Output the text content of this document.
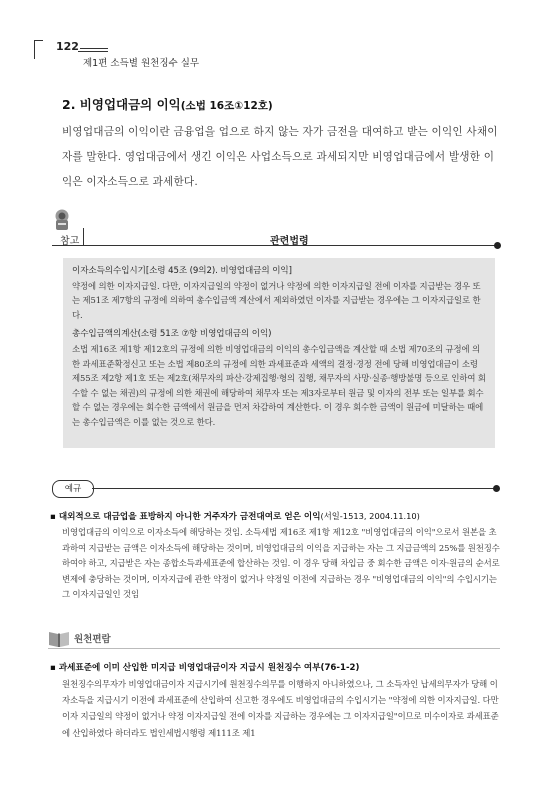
122
제1편 소득별 원천징수 실무
2. 비영업대금의 이익(소법 16조①12호)
비영업대금의 이익이란 금융업을 업으로 하지 않는 자가 금전을 대여하고 받는 이익인 사채이자를 말한다. 영업대금에서 생긴 이익은 사업소득으로 과세되지만 비영업대금에서 발생한 이익은 이자소득으로 과세한다.
참고	관련법령
이자소득의수입시기[소령 45조 (9의2). 비영업대금의 이익]
약정에 의한 이자지급일. 다만, 이자지급일의 약정이 없거나 약정에 의한 이자지급일 전에 이자를 지급받는 경우 또는 제51조 제7항의 규정에 의하여 총수입금액 계산에서 제외하였던 이자를 지급받는 경우에는 그 이자지급일로 한다.
총수입금액의계산(소령 51조 ⑦항 비영업대금의 이익)
소법 제16조 제1항 제12호의 규정에 의한 비영업대금의 이익의 총수입금액을 계산할 때 소법 제70조의 규정에 의한 과세표준확정신고 또는 소법 제80조의 규정에 의한 과세표준과 세액의 결정·경정 전에 당해 비영업대금이 소령 제55조 제2항 제1호 또는 제2호(채무자의 파산·강제집행·형의 집행, 채무자의 사망·실종·행방불명 등으로 인하여 회수할 수 없는 채권)의 규정에 의한 채권에 해당하여 채무자 또는 제3자로부터 원금 및 이자의 전부 또는 일부를 회수할 수 없는 경우에는 회수한 금액에서 원금을 먼저 차감하여 계산한다. 이 경우 회수한 금액이 원금에 미달하는 때에는 총수입금액은 이를 없는 것으로 한다.
예규
▪ 대외적으로 대금업을 표방하지 아니한 거주자가 금전대여로 얻은 이익(서일-1513, 2004.11.10)
비영업대금의 이익으로 이자소득에 해당하는 것임. 소득세법 제16조 제1항 제12호 "비영업대금의 이익"으로서 원본을 초과하여 지급받는 금액은 이자소득에 해당하는 것이며, 비영업대금의 이익을 지급하는 자는 그 지급금액의 25%를 원천징수하여야 하고, 지급받은 자는 종합소득과세표준에 합산하는 것임. 이 경우 당해 차입금 중 회수한 금액은 이자·원금의 순서로 변제에 충당하는 것이며, 이자지급에 관한 약정이 없거나 약정일 이전에 지급하는 경우 "비영업대금의 이익"의 수입시기는 그 이자지급일인 것임
원천편람
▪ 과세표준에 이미 산입한 미지급 비영업대금이자 지급시 원천징수 여부(76-1-2)
원천징수의무자가 비영업대금이자 지급시기에 원천징수의무를 이행하지 아니하였으나, 그 소득자인 납세의무자가 당해 이자소득을 지급시기 이전에 과세표준에 산입하여 신고한 경우에도 비영업대금의 수입시기는 "약정에 의한 이자지급일. 다만 이자 지급일의 약정이 없거나 약정 이자지급일 전에 이자를 지급하는 경우에는 그 이자지급일"이므로 미수이자로 과세표준에 산입하였다 하더라도 법인세법시행령 제111조 제1
